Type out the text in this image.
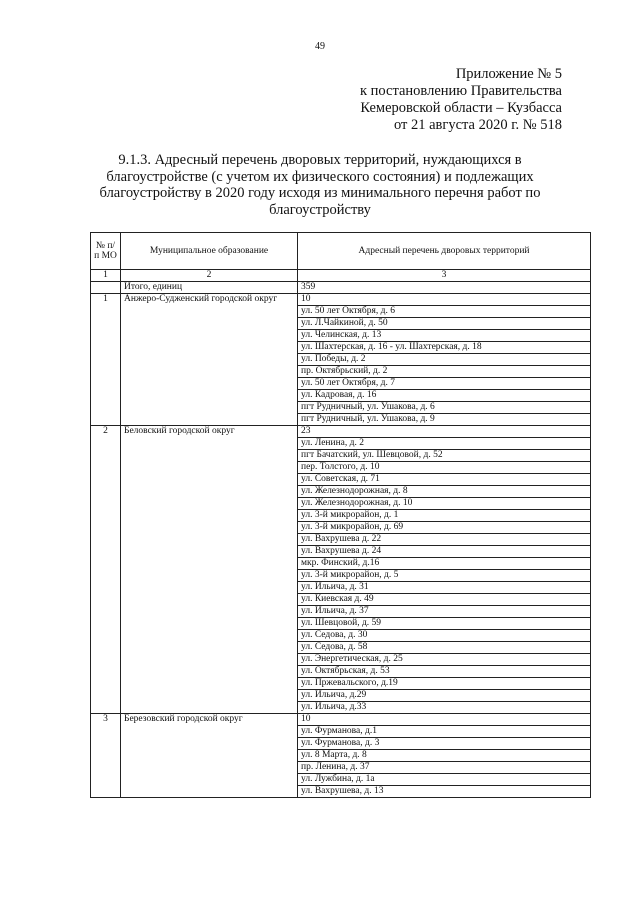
49
Приложение № 5
к постановлению Правительства
Кемеровской области – Кузбасса
от 21 августа 2020 г. № 518
9.1.3. Адресный перечень дворовых территорий, нуждающихся в благоустройстве (с учетом их физического состояния) и подлежащих благоустройству в 2020 году исходя из минимального перечня работ по благоустройству
№ п/п МО	Муниципальное образование	Адресный перечень дворовых территорий
1	2	3
	Итого, единиц	359
1	Анжеро-Судженский городской округ	10
		ул. 50 лет Октября, д. 6
		ул. Л.Чайкиной, д. 50
		ул. Челинская, д. 13
		ул. Шахтерская, д. 16 - ул. Шахтерская, д. 18
		ул. Победы, д. 2
		пр. Октябрьский, д. 2
		ул. 50 лет Октября, д. 7
		ул. Кадровая, д. 16
		пгт Рудничный, ул. Ушакова, д. 6
		пгт Рудничный, ул. Ушакова, д. 9
2	Беловский городской округ	23
		ул. Ленина, д. 2
		пгт Бачатский, ул. Шевцовой, д. 52
		пер. Толстого, д. 10
		ул. Советская, д. 71
		ул. Железнодорожная, д. 8
		ул. Железнодорожная, д. 10
		ул. 3-й микрорайон, д. 1
		ул. 3-й микрорайон, д. 69
		ул. Вахрушева д. 22
		ул. Вахрушева д. 24
		мкр. Финский, д.16
		ул. 3-й микрорайон, д. 5
		ул. Ильича, д. 31
		ул. Киевская д. 49
		ул. Ильича, д. 37
		ул. Шевцовой, д. 59
		ул. Седова, д. 30
		ул. Седова, д. 58
		ул. Энергетическая, д. 25
		ул. Октябрьская, д. 53
		ул. Пржевальского, д.19
		ул. Ильича, д.29
		ул. Ильича, д.33
3	Березовский городской округ	10
		ул. Фурманова, д.1
		ул. Фурманова, д. 3
		ул. 8 Марта, д. 8
		пр. Ленина, д. 37
		ул. Лужбина, д. 1а
		ул. Вахрушева, д. 13
